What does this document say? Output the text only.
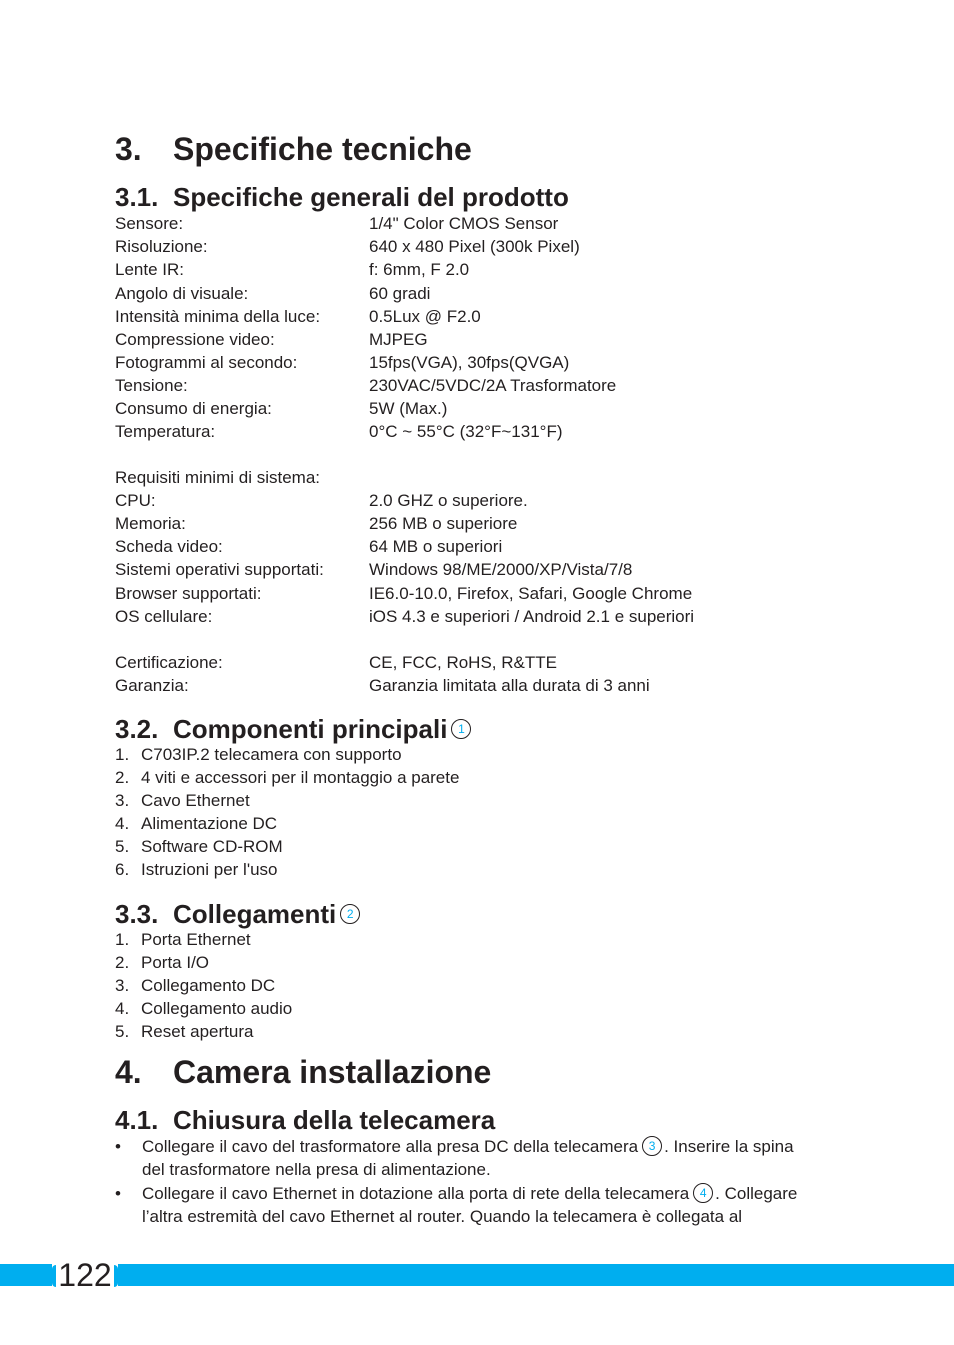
3. Specifiche tecniche
3.1. Specifiche generali del prodotto
Sensore:	1/4" Color CMOS Sensor
Risoluzione:	640 x 480 Pixel (300k Pixel)
Lente IR:	f: 6mm, F 2.0
Angolo di visuale:	60 gradi
Intensità minima della luce:	0.5Lux @ F2.0
Compressione video:	MJPEG
Fotogrammi al secondo:	15fps(VGA), 30fps(QVGA)
Tensione:	230VAC/5VDC/2A Trasformatore
Consumo di energia:	5W (Max.)
Temperatura:	0°C ~ 55°C (32°F~131°F)
Requisiti minimi di sistema:
CPU:	2.0 GHZ o superiore.
Memoria:	256 MB o superiore
Scheda video:	64 MB o superiori
Sistemi operativi supportati:	Windows 98/ME/2000/XP/Vista/7/8
Browser supportati:	IE6.0-10.0, Firefox, Safari, Google Chrome
OS cellulare:	iOS 4.3 e superiori / Android 2.1 e superiori
Certificazione:	CE, FCC, RoHS, R&TTE
Garanzia:	Garanzia limitata alla durata di 3 anni
3.2. Componenti principali 1
1. C703IP.2 telecamera con supporto
2. 4 viti e accessori per il montaggio a parete
3. Cavo Ethernet
4. Alimentazione DC
5. Software CD-ROM
6. Istruzioni per l'uso
3.3. Collegamenti 2
1. Porta Ethernet
2. Porta I/O
3. Collegamento DC
4. Collegamento audio
5. Reset apertura
4. Camera installazione
4.1. Chiusura della telecamera
• Collegare il cavo del trasformatore alla presa DC della telecamera 3 . Inserire la spina
del trasformatore nella presa di alimentazione.
• Collegare il cavo Ethernet in dotazione alla porta di rete della telecamera 4 . Collegare
l’altra estremità del cavo Ethernet al router. Quando la telecamera è collegata al
122
